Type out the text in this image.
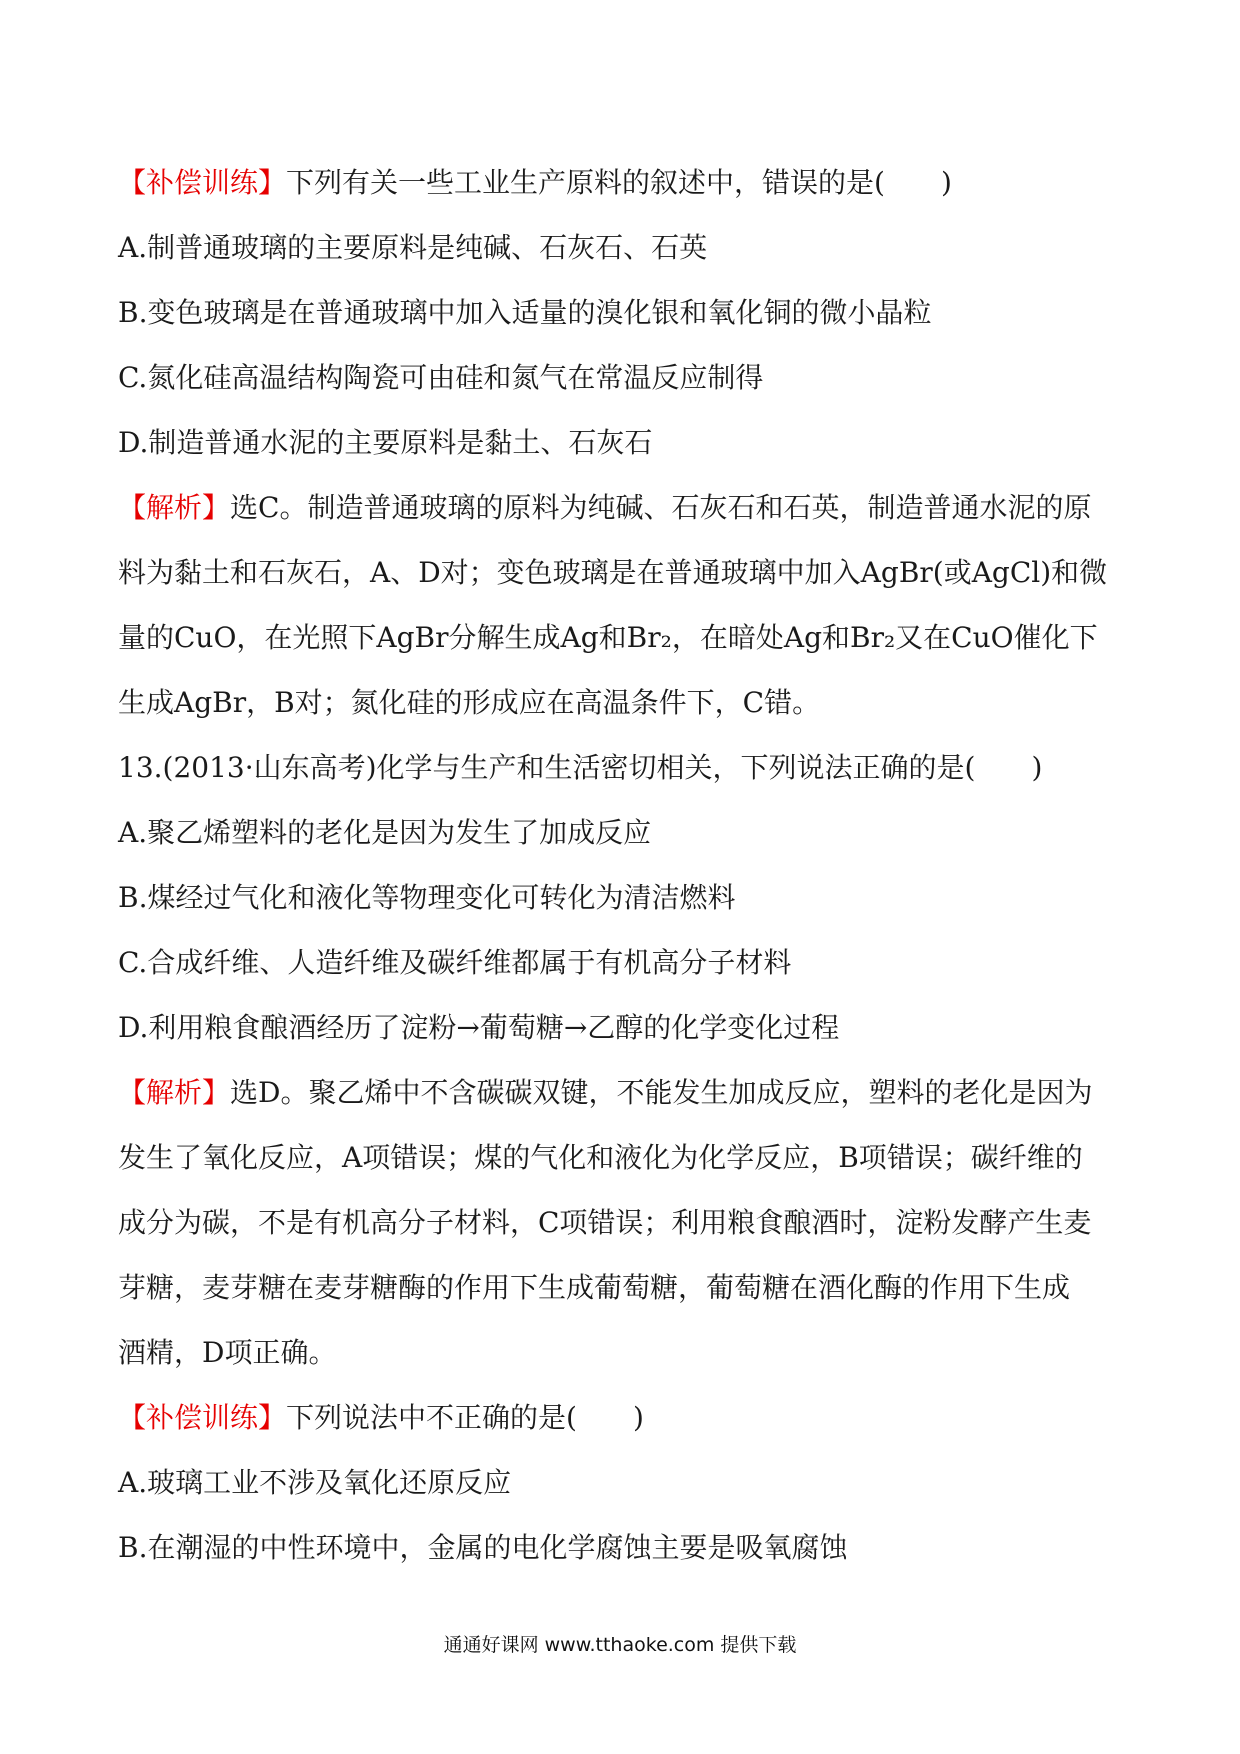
【补偿训练】下列有关一些工业生产原料的叙述中，错误的是(　　)
A.制普通玻璃的主要原料是纯碱、石灰石、石英
B.变色玻璃是在普通玻璃中加入适量的溴化银和氧化铜的微小晶粒
C.氮化硅高温结构陶瓷可由硅和氮气在常温反应制得
D.制造普通水泥的主要原料是黏土、石灰石
【解析】选C。制造普通玻璃的原料为纯碱、石灰石和石英，制造普通水泥的原
料为黏土和石灰石，A、D对；变色玻璃是在普通玻璃中加入AgBr(或AgCl)和微
量的CuO，在光照下AgBr分解生成Ag和Br₂，在暗处Ag和Br₂又在CuO催化下
生成AgBr，B对；氮化硅的形成应在高温条件下，C错。
13.(2013·山东高考)化学与生产和生活密切相关，下列说法正确的是(　　)
A.聚乙烯塑料的老化是因为发生了加成反应
B.煤经过气化和液化等物理变化可转化为清洁燃料
C.合成纤维、人造纤维及碳纤维都属于有机高分子材料
D.利用粮食酿酒经历了淀粉→葡萄糖→乙醇的化学变化过程
【解析】选D。聚乙烯中不含碳碳双键，不能发生加成反应，塑料的老化是因为
发生了氧化反应，A项错误；煤的气化和液化为化学反应，B项错误；碳纤维的
成分为碳，不是有机高分子材料，C项错误；利用粮食酿酒时，淀粉发酵产生麦
芽糖，麦芽糖在麦芽糖酶的作用下生成葡萄糖，葡萄糖在酒化酶的作用下生成
酒精，D项正确。
【补偿训练】下列说法中不正确的是(　　)
A.玻璃工业不涉及氧化还原反应
B.在潮湿的中性环境中，金属的电化学腐蚀主要是吸氧腐蚀
通通好课网 www.tthaoke.com 提供下载
